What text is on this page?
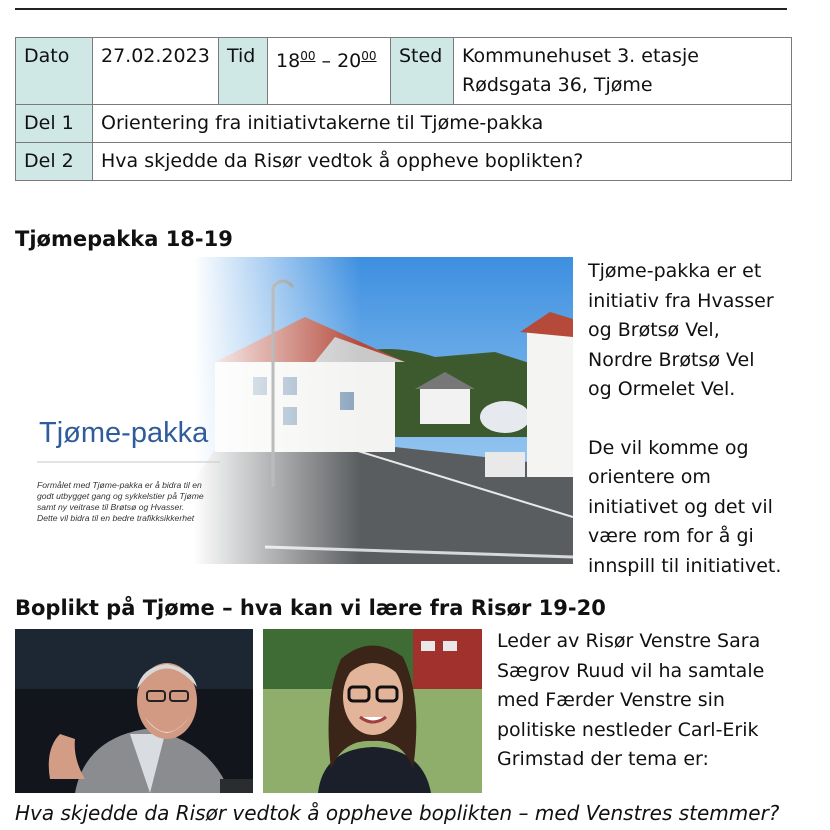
Dato	27.02.2023	Tid	$18^{00} - 20^{00}$	Sted	Kommunehuset 3. etasje
Rødsgata 36, Tjøme

Del 1	Orientering fra initiativtakerne til Tjøme-pakka				
Del 2	Hva skjedde da Risør vedtok å oppheve boplikten?				
Tjømepakka 18-19
Tjøme-pakka
Formålet med Tjøme-pakka er å bidra til en
godt utbygget gang og sykkelstier på Tjøme
samt ny veitrase til Brøtsø og Hvasser.
Dette vil bidra til en bedre trafikksikkerhet

Tjøme-pakka er et
initiativ fra Hvasser
og Brøtsø Vel,
Nordre Brøtsø Vel
og Ormelet Vel.

De vil komme og
orientere om
initiativet og det vil
være rom for å gi
innspill til initiativet.

Boplikt på Tjøme – hva kan vi lære fra Risør 19-20
Leder av Risør Venstre Sara
Sægrov Ruud vil ha samtale
med Færder Venstre sin
politiske nestleder Carl-Erik
Grimstad der tema er:
Hva skjedde da Risør vedtok å oppheve boplikten – med Venstres stemmer?
